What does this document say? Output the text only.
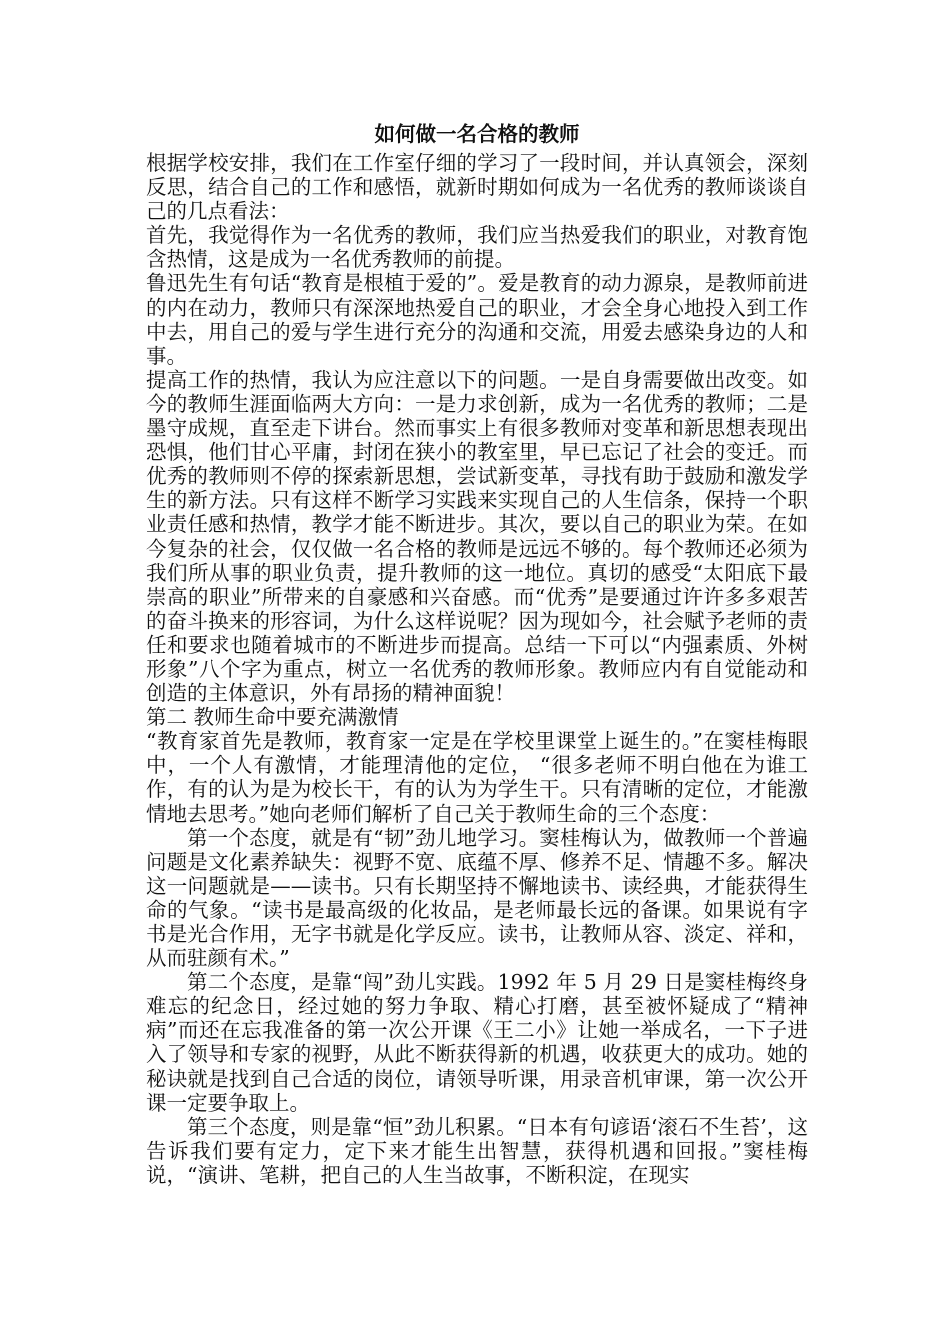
如何做一名合格的教师

根据学校安排，我们在工作室仔细的学习了一段时间，并认真领会，深刻反思，结合自己的工作和感悟，就新时期如何成为一名优秀的教师谈谈自己的几点看法：

首先，我觉得作为一名优秀的教师，我们应当热爱我们的职业，对教育饱含热情，这是成为一名优秀教师的前提。

鲁迅先生有句话“教育是根植于爱的”。爱是教育的动力源泉，是教师前进的内在动力，教师只有深深地热爱自己的职业，才会全身心地投入到工作中去，用自己的爱与学生进行充分的沟通和交流，用爱去感染身边的人和事。

提高工作的热情，我认为应注意以下的问题。一是自身需要做出改变。如今的教师生涯面临两大方向：一是力求创新，成为一名优秀的教师；二是墨守成规，直至走下讲台。然而事实上有很多教师对变革和新思想表现出恐惧，他们甘心平庸，封闭在狭小的教室里，早已忘记了社会的变迁。而优秀的教师则不停的探索新思想，尝试新变革，寻找有助于鼓励和激发学生的新方法。只有这样不断学习实践来实现自己的人生信条，保持一个职业责任感和热情，教学才能不断进步。其次，要以自己的职业为荣。在如今复杂的社会，仅仅做一名合格的教师是远远不够的。每个教师还必须为我们所从事的职业负责，提升教师的这一地位。真切的感受“太阳底下最崇高的职业”所带来的自豪感和兴奋感。而“优秀”是要通过许许多多艰苦的奋斗换来的形容词，为什么这样说呢？因为现如今，社会赋予老师的责任和要求也随着城市的不断进步而提高。总结一下可以“内强素质、外树形象”八个字为重点，树立一名优秀的教师形象。教师应内有自觉能动和创造的主体意识，外有昂扬的精神面貌！

第二 教师生命中要充满激情

“教育家首先是教师，教育家一定是在学校里课堂上诞生的。”在窦桂梅眼中，一个人有激情，才能理清他的定位， “很多老师不明白他在为谁工作，有的认为是为校长干，有的认为为学生干。只有清晰的定位，才能激情地去思考。”她向老师们解析了自己关于教师生命的三个态度：

第一个态度，就是有“韧”劲儿地学习。窦桂梅认为，做教师一个普遍问题是文化素养缺失：视野不宽、底蕴不厚、修养不足、情趣不多。解决这一问题就是——读书。只有长期坚持不懈地读书、读经典，才能获得生命的气象。“读书是最高级的化妆品，是老师最长远的备课。如果说有字书是光合作用，无字书就是化学反应。读书，让教师从容、淡定、祥和，从而驻颜有术。”

第二个态度，是靠“闯”劲儿实践。1992 年 5 月 29 日是窦桂梅终身难忘的纪念日，经过她的努力争取、精心打磨，甚至被怀疑成了“精神病”而还在忘我准备的第一次公开课《王二小》让她一举成名，一下子进入了领导和专家的视野，从此不断获得新的机遇，收获更大的成功。她的秘诀就是找到自己合适的岗位，请领导听课，用录音机审课，第一次公开课一定要争取上。

第三个态度，则是靠“恒”劲儿积累。“日本有句谚语‘滚石不生苔’，这告诉我们要有定力，定下来才能生出智慧，获得机遇和回报。”窦桂梅说，“演讲、笔耕，把自己的人生当故事，不断积淀，在现实
